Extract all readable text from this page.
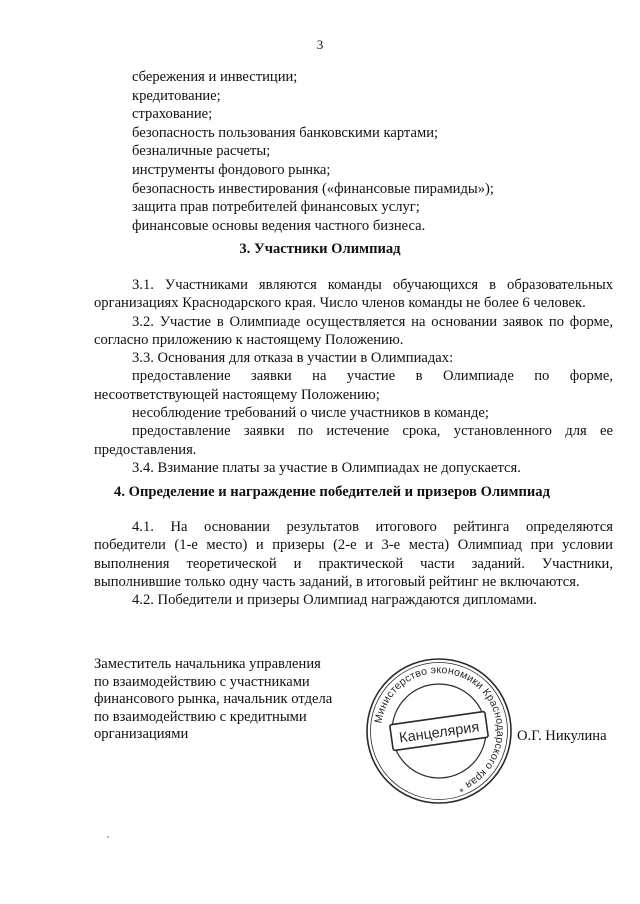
3
сбережения и инвестиции;
кредитование;
страхование;
безопасность пользования банковскими картами;
безналичные расчеты;
инструменты фондового рынка;
безопасность инвестирования («финансовые пирамиды»);
защита прав потребителей финансовых услуг;
финансовые основы ведения частного бизнеса.
3. Участники Олимпиад
3.1. Участниками являются команды обучающихся в образовательных
организациях Краснодарского края. Число членов команды не более 6 человек.
3.2. Участие в Олимпиаде осуществляется на основании заявок по форме,
согласно приложению к настоящему Положению.
3.3. Основания для отказа в участии в Олимпиадах:
предоставление заявки на участие в Олимпиаде по форме,
несоответствующей настоящему Положению;
несоблюдение требований о числе участников в команде;
предоставление заявки по истечение срока, установленного для ее
предоставления.
3.4. Взимание платы за участие в Олимпиадах не допускается.
4. Определение и награждение победителей и призеров Олимпиад
4.1. На основании результатов итогового рейтинга определяются
победители (1-е место) и призеры (2-е и 3-е места) Олимпиад при условии
выполнения теоретической и практической части заданий. Участники,
выполнившие только одну часть заданий, в итоговый рейтинг не включаются.
4.2. Победители и призеры Олимпиад награждаются дипломами.
Заместитель начальника управления
по взаимодействию с участниками
финансового рынка, начальник отдела
по взаимодействию с кредитными
организациями	О.Г. Никулина
Министерство экономики Краснодарского края *
Канцелярия
